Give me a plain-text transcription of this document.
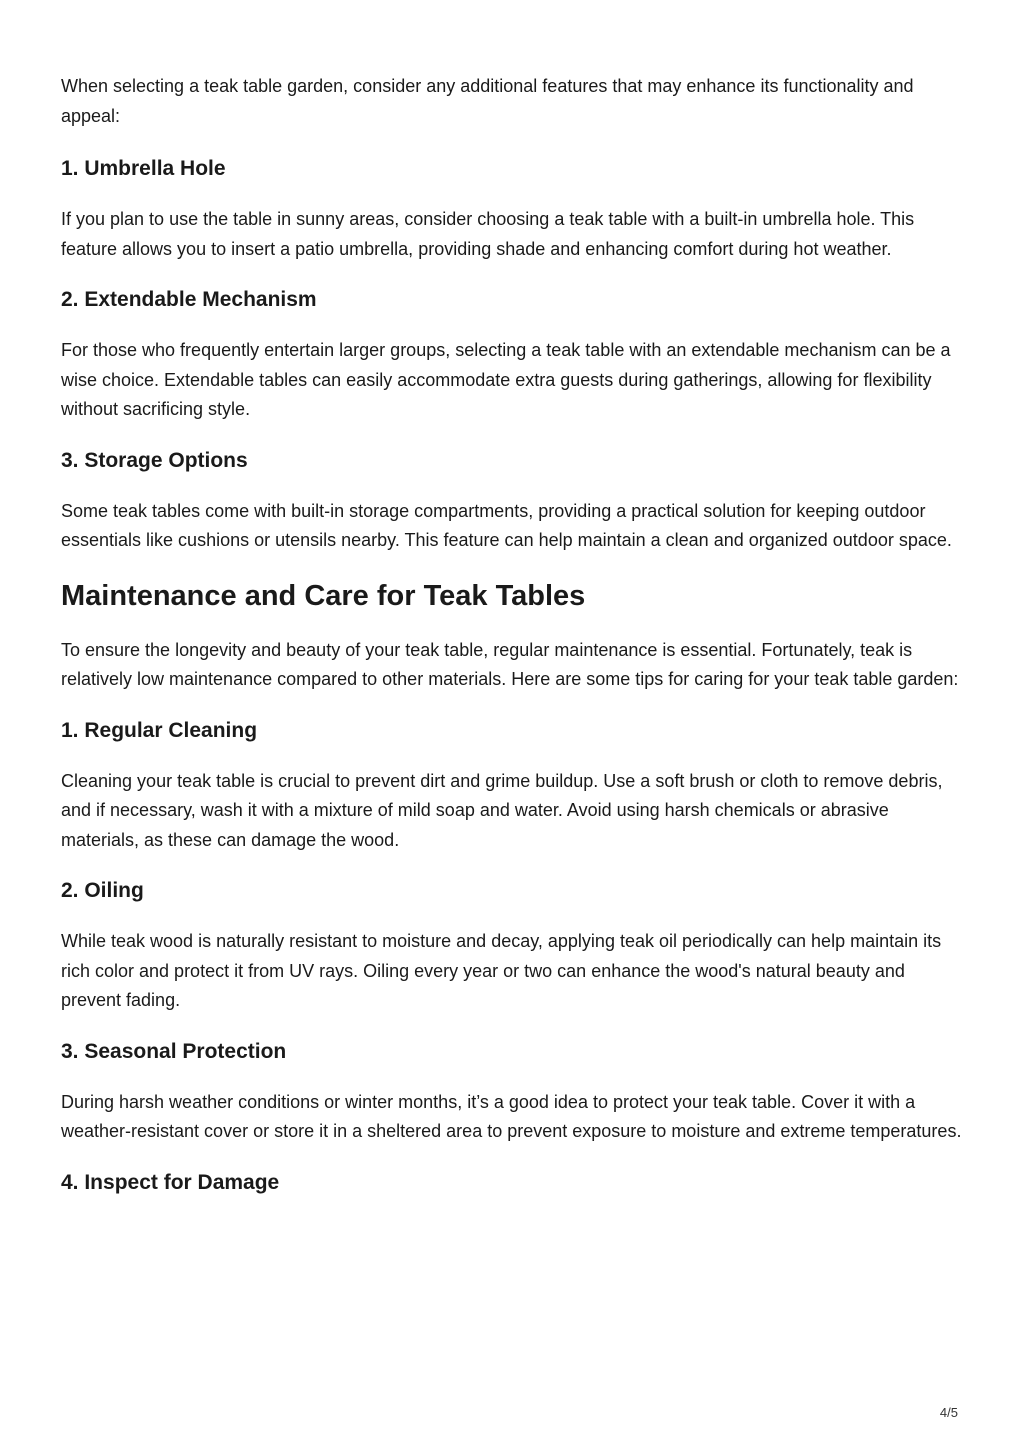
When selecting a teak table garden, consider any additional features that may enhance its functionality and appeal:

1. Umbrella Hole

If you plan to use the table in sunny areas, consider choosing a teak table with a built-in umbrella hole. This feature allows you to insert a patio umbrella, providing shade and enhancing comfort during hot weather.

2. Extendable Mechanism

For those who frequently entertain larger groups, selecting a teak table with an extendable mechanism can be a wise choice. Extendable tables can easily accommodate extra guests during gatherings, allowing for flexibility without sacrificing style.

3. Storage Options

Some teak tables come with built-in storage compartments, providing a practical solution for keeping outdoor essentials like cushions or utensils nearby. This feature can help maintain a clean and organized outdoor space.

Maintenance and Care for Teak Tables

To ensure the longevity and beauty of your teak table, regular maintenance is essential. Fortunately, teak is relatively low maintenance compared to other materials. Here are some tips for caring for your teak table garden:

1. Regular Cleaning

Cleaning your teak table is crucial to prevent dirt and grime buildup. Use a soft brush or cloth to remove debris, and if necessary, wash it with a mixture of mild soap and water. Avoid using harsh chemicals or abrasive materials, as these can damage the wood.

2. Oiling

While teak wood is naturally resistant to moisture and decay, applying teak oil periodically can help maintain its rich color and protect it from UV rays. Oiling every year or two can enhance the wood's natural beauty and prevent fading.

3. Seasonal Protection

During harsh weather conditions or winter months, it’s a good idea to protect your teak table. Cover it with a weather-resistant cover or store it in a sheltered area to prevent exposure to moisture and extreme temperatures.

4. Inspect for Damage
4/5
